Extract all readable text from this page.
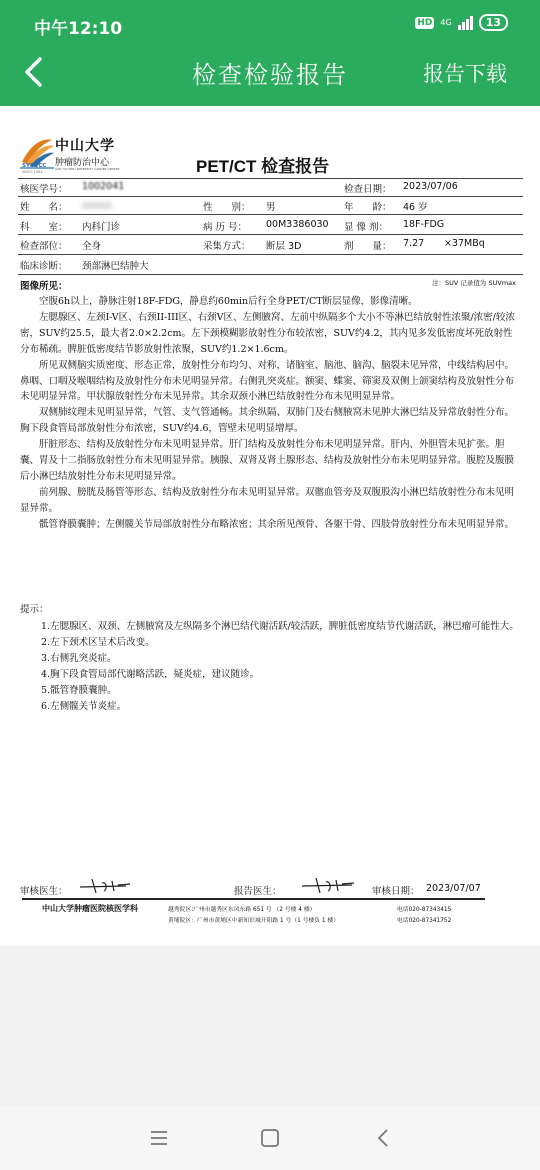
中午12:10	HD 4G	13
检查检验报告	报告下载
中山大学
肿瘤防治中心
SUN YAT-SEN UNIVERSITY CANCER CENTER
SYSUCC
SINCE 1964	PET/CT 检查报告
核医学号： 1002041	检查日期： 2023/07/06
姓　　名：	性　　别： 男	年　　龄： 46 岁
科　　室： 内科门诊	病 历 号： 00M3386030 显 像 剂： 18F-FDG
检查部位： 全身	采集方式： 断层 3D	剂　　量： 7.27 ×37MBq
临床诊断： 颈部淋巴结肿大
图像所见：	注：SUV 记录值为 SUVmax

空腹6h以上，静脉注射18F-FDG，静息约60min后行全身PET/CT断层显像，影像清晰。

左腮腺区、左颈I-V区、右颈II-III区、右颈V区、左侧腋窝、左前中纵隔多个大小不等淋巴结放射性浓聚/浓密/较浓密，SUV约25.5，最大者2.0×2.2cm。左下颈模糊影放射性分布较浓密，SUV约4.2，其内见多发低密度坏死放射性分布稀疏。脾脏低密度结节影放射性浓聚，SUV约1.2×1.6cm。

所见双侧脑实质密度、形态正常，放射性分布均匀、对称，诸脑室、脑池、脑沟、脑裂未见异常，中线结构居中。鼻咽、口咽及喉咽结构及放射性分布未见明显异常。右侧乳突炎症。额窦、蝶窦、筛窦及双侧上颌窦结构及放射性分布未见明显异常。甲状腺放射性分布未见异常。其余双颈小淋巴结放射性分布未见明显异常。

双侧肺纹理未见明显异常，气管、支气管通畅。其余纵隔、双肺门及右侧腋窝未见肿大淋巴结及异常放射性分布。胸下段食管局部放射性分布浓密，SUV约4.6，管壁未见明显增厚。

肝脏形态、结构及放射性分布未见明显异常。肝门结构及放射性分布未见明显异常。肝内、外胆管未见扩张。胆囊、胃及十二指肠放射性分布未见明显异常。胰腺、双肾及肾上腺形态、结构及放射性分布未见明显异常。腹腔及腹膜后小淋巴结放射性分布未见明显异常。

前列腺、膀胱及肠管等形态、结构及放射性分布未见明显异常。双髂血管旁及双腹股沟小淋巴结放射性分布未见明显异常。

骶管脊膜囊肿；左侧髋关节局部放射性分布略浓密；其余所见颅骨、各躯干骨、四肢骨放射性分布未见明显异常。

提示：
1.左腮腺区、双颈、左侧腋窝及左纵隔多个淋巴结代谢活跃/较活跃，脾脏低密度结节代谢活跃，淋巴瘤可能性大。
2.左下颈术区呈术后改变。
3.右侧乳突炎症。
4.胸下段食管局部代谢略活跃，疑炎症，建议随诊。
5.骶管脊膜囊肿。
6.左侧髋关节炎症。
审核医生：	报告医生：	审核日期： 2023/07/07
中山大学肿瘤医院核医学科	越秀院区:广州市越秀区东风东路 651 号 （2 号楼 4 楼）
黄埔院区：广州市黄埔区中新知识城开阳路 1 号（1 号楼负 1 楼）
电话020-87343415
电话020-87341752
